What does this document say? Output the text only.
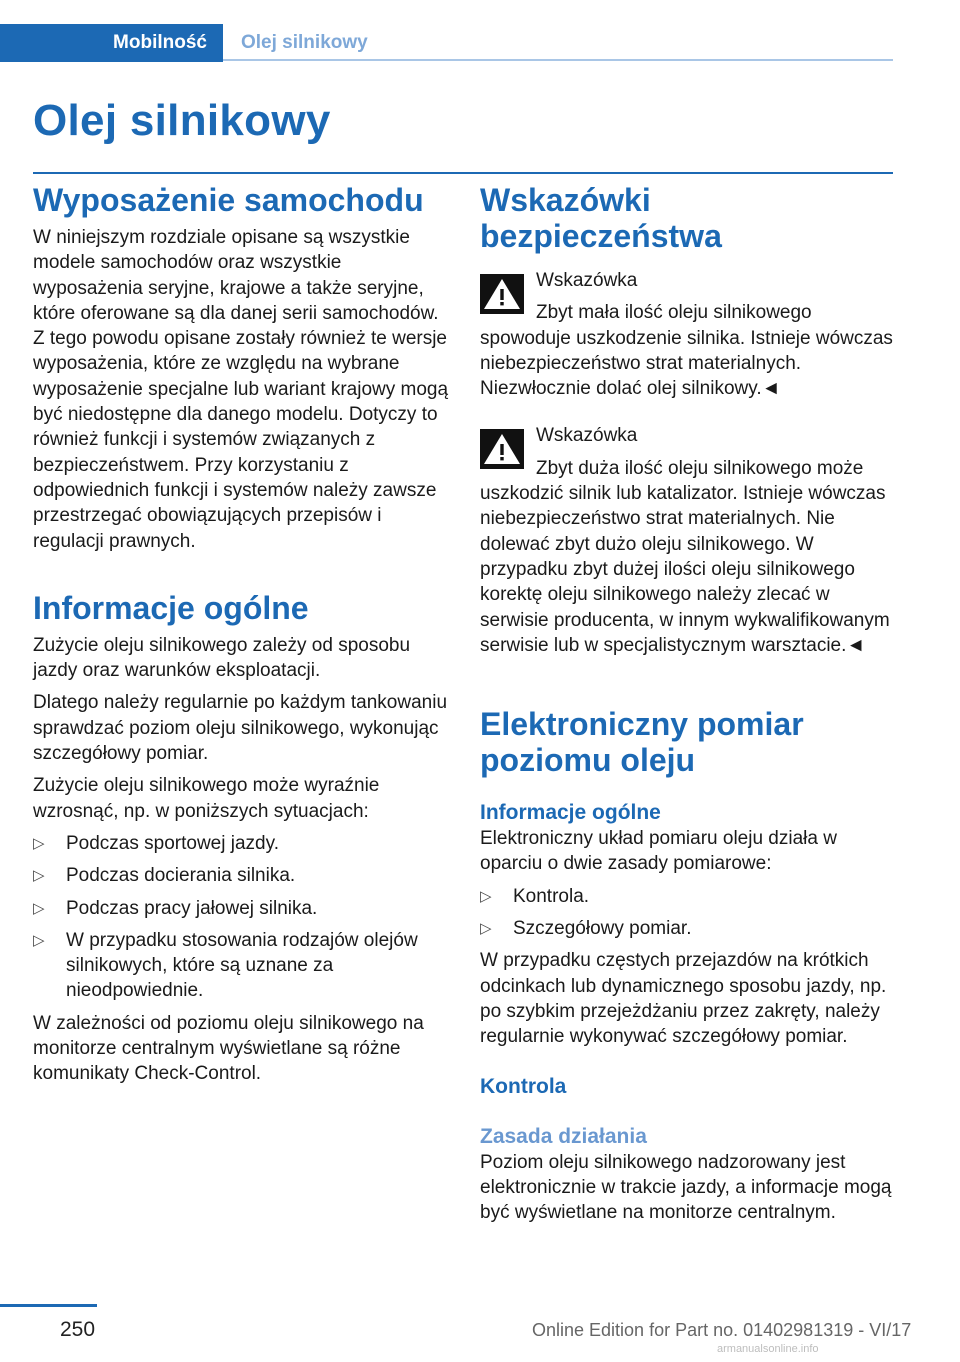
Mobilność	Olej silnikowy
Olej silnikowy
Wyposażenie samochodu

W niniejszym rozdziale opisane są wszystkie modele samochodów oraz wszystkie wyposażenia seryjne, krajowe a także seryjne, które oferowane są dla danej serii samochodów. Z tego powodu opisane zostały również te wersje wyposażenia, które ze względu na wybrane wyposażenie specjalne lub wariant krajowy mogą być niedostępne dla danego modelu. Dotyczy to również funkcji i systemów związanych z bezpieczeństwem. Przy korzystaniu z odpowiednich funkcji i systemów należy zawsze przestrzegać obowiązujących przepisów i regulacji prawnych.

Informacje ogólne

Zużycie oleju silnikowego zależy od sposobu jazdy oraz warunków eksploatacji.

Dlatego należy regularnie po każdym tankowaniu sprawdzać poziom oleju silnikowego, wykonując szczegółowy pomiar.

Zużycie oleju silnikowego może wyraźnie wzrosnąć, np. w poniższych sytuacjach:

▷ Podczas sportowej jazdy.
▷ Podczas docierania silnika.
▷ Podczas pracy jałowej silnika.
▷ W przypadku stosowania rodzajów olejów silnikowych, które są uznane za nieodpowiednie.

W zależności od poziomu oleju silnikowego na monitorze centralnym wyświetlane są różne komunikaty Check-Control.

Wskazówki bezpieczeństwa

Wskazówka

Zbyt mała ilość oleju silnikowego spowoduje uszkodzenie silnika. Istnieje wówczas niebezpieczeństwo strat materialnych. Niezwłocznie dolać olej silnikowy.◄

Wskazówka

Zbyt duża ilość oleju silnikowego może uszkodzić silnik lub katalizator. Istnieje wówczas niebezpieczeństwo strat materialnych. Nie dolewać zbyt dużo oleju silnikowego. W przypadku zbyt dużej ilości oleju silnikowego korektę oleju silnikowego należy zlecać w serwisie producenta, w innym wykwalifikowanym serwisie lub w specjalistycznym warsztacie.◄

Elektroniczny pomiar poziomu oleju
Informacje ogólne

Elektroniczny układ pomiaru oleju działa w oparciu o dwie zasady pomiarowe:

▷ Kontrola.
▷ Szczegółowy pomiar.

W przypadku częstych przejazdów na krótkich odcinkach lub dynamicznego sposobu jazdy, np. po szybkim przejeżdżaniu przez zakręty, należy regularnie wykonywać szczegółowy pomiar.

Kontrola
Zasada działania

Poziom oleju silnikowego nadzorowany jest elektronicznie w trakcie jazdy, a informacje mogą być wyświetlane na monitorze centralnym.

250	Online Edition for Part no. 01402981319 - VI/17
armanualsonline.info
